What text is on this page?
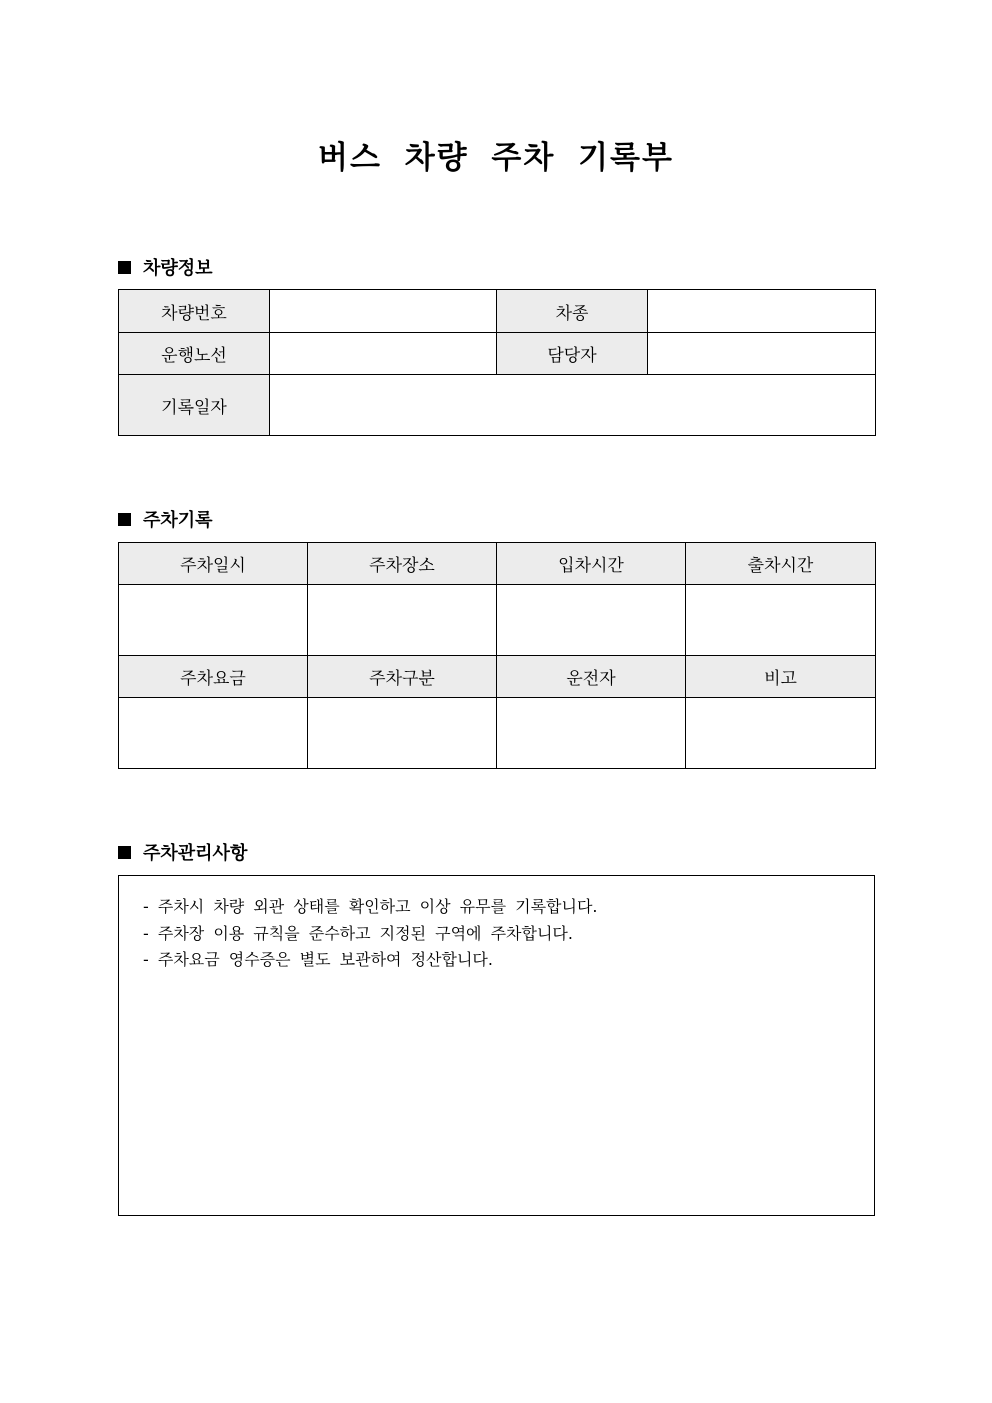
버스 차량 주차 기록부
차량정보
차량번호		차종	
운행노선		담당자	
기록일자			
주차기록
주차일시	주차장소	입차시간	출차시간

주차요금	주차구분	운전자	비고

주차관리사항
- 주차시 차량 외관 상태를 확인하고 이상 유무를 기록합니다.
- 주차장 이용 규칙을 준수하고 지정된 구역에 주차합니다.
- 주차요금 영수증은 별도 보관하여 정산합니다.
